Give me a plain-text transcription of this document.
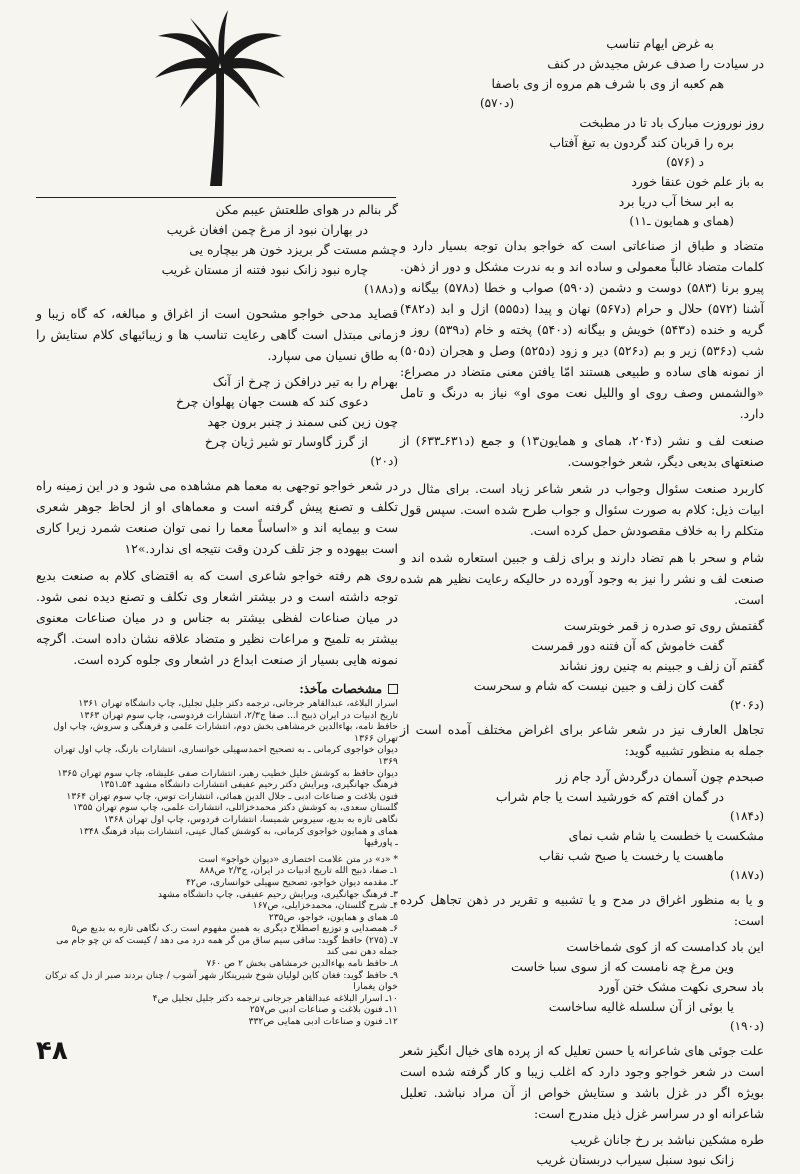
به غرض ایهام تناسب
در سیادت را صدف عرش مجیدش در کنف
هم کعبه از وی با شرف هم مروه از وی باصفا
(د۵۷۰)
روز نوروزت مبارک باد تا در مطبخت
بره را قربان کند گردون به تیغ آفتاب
د (۵۷۶)
به باز علم خون عنقا خورد
به ابر سخا آب دریا برد
(همای و همایون ـ۱۱)

متضاد و طباق از صناعاتی است که خواجو بدان توجه بسیار دارد و کلمات متضاد غالباً معمولی و ساده اند و به ندرت مشکل و دور از ذهن. پیرو برنا (۵۸۳) دوست و دشمن (د۵۹۰) صواب و خطا (د۵۷۸) بیگانه و آشنا (۵۷۲) حلال و حرام (د۵۶۷) نهان و پیدا (د۵۵۵) ازل و ابد (د۴۸۲) گریه و خنده (د۵۴۳) خویش و بیگانه (د۵۴۰) پخته و خام (د۵۳۹) روز و شب (د۵۳۶) زیر و بم (د۵۲۶) دیر و زود (د۵۲۵) وصل و هجران (د۵۰۵) از نمونه های ساده و طبیعی هستند امّا یافتن معنی متضاد در مصراع: «والشمس وصف روی او واللیل نعت موی او» نیاز به درنگ و تامل دارد.

صنعت لف و نشر (د۲۰۴، همای و همایون۱۳) و جمع (د۶۳۱ـ۶۳۳) از صنعتهای بدیعی دیگر، شعر خواجوست.

کاربرد صنعت سئوال وجواب در شعر شاعر زیاد است. برای مثال در ابیات ذیل: کلام به صورت سئوال و جواب طرح شده است. سپس قول متکلم را به خلاف مقصودش حمل کرده است.

شام و سحر با هم تضاد دارند و برای زلف و جبین استعاره شده اند و صنعت لف و نشر را نیز به وجود آورده در حالیکه رعایت نظیر هم شده است.

گفتمش روی تو صدره ز قمر خوبترست
گفت خاموش که آن فتنه دور قمرست
گفتم آن زلف و جبینم به چنین روز نشاند
گفت کان زلف و جبین نیست که شام و سحرست
(د۲۰۶)

تجاهل العارف نیز در شعر شاعر برای اغراض مختلف آمده است از جمله به منظور تشبیه گوید:

صبحدم چون آسمان درگردش آرد جام زر
در گمان افتم که خورشید است یا جام شراب
(د۱۸۴)
مشکست یا خطست یا شام شب نمای
ماهست یا رخست یا صبح شب نقاب
(د۱۸۷)

و یا به منظور اغراق در مدح و یا تشبیه و تقریر در ذهن تجاهل کرده است:

این باد کدامست که از کوی شماخاست
وین مرغ چه نامست که از سوی سبا خاست
باد سحری نکهت مشک ختن آورد
یا بوئی از آن سلسله غالیه ساخاست
(د۱۹۰)

علت جوئی های شاعرانه یا حسن تعلیل که از پرده های خیال انگیز شعر است در شعر خواجو وجود دارد که اغلب زیبا و کار گرفته شده است بویژه اگر در غزل باشد و ستایش خواص از آن مراد نباشد. تعلیل شاعرانه او در سراسر غزل ذیل مندرج است:

طره مشکین نباشد بر رخ جانان غریب
زانک نبود سنبل سیراب دربستان غریب
گر بنالم در هوای طلعتش عیبم مکن
در بهاران نبود از مرغ چمن افغان غریب
چشم مستت گر بریزد خون هر بیچاره یی
چاره نبود زانک نبود فتنه از مستان غریب
(د۱۸۸)

قصاید مدحی خواجو مشحون است از اغراق و مبالغه، که گاه زیبا و زمانی مبتذل است گاهی رعایت تناسب ها و زیبائیهای کلام ستایش را به طاق نسیان می سپارد.

بهرام را به تیر درافکن ز چرخ از آنک
دعوی کند که هست جهان پهلوان چرخ
چون زین کنی سمند ز چنبر برون جهد
از گرز گاوسار تو شیر ژیان چرخ
(د۲۰)

در شعر خواجو توجهی به معما هم مشاهده می شود و در این زمینه راه تکلف و تصنع پیش گرفته است و معماهای او از لحاظ جوهر شعری ست و بیمایه اند و «اساساً معما را نمی توان صنعت شمرد زیرا کاری است بیهوده و جز تلف کردن وقت نتیجه ای ندارد.»۱۲

روی هم رفته خواجو شاعری است که به اقتضای کلام به صنعت بدیع توجه داشته است و در بیشتر اشعار وی تکلف و تصنع دیده نمی شود. در میان صناعات لفظی بیشتر به جناس و در میان صناعات معنوی بیشتر به تلمیح و مراعات نظیر و متضاد علاقه نشان داده است. اگرچه نمونه هایی بسیار از صنعت ابداع در اشعار وی جلوه کرده است.

مشخصات مآخذ:
اسرار البلاغه، عبدالقاهر جرجانی، ترجمه دکتر جلیل تجلیل، چاپ دانشگاه تهران ۱۳۶۱
تاریخ ادبیات در ایران ذبیح ا... صفا ج۲/۳، انتشارات فردوسی، چاپ سوم تهران ۱۳۶۳
حافظ نامه، بهاءالدین خرمشاهی بخش دوم، انتشارات علمی و فرهنگی و سروش، چاپ اول تهران ۱۳۶۶
دیوان خواجوی کرمانی ـ به تصحیح احمدسهیلی خوانساری، انتشارات بارنگ، چاپ اول تهران ۱۳۶۹
دیوان حافظ به کوشش خلیل خطیب رهبر، انتشارات صفی علیشاه، چاپ سوم تهران ۱۳۶۵
فرهنگ جهانگیری، ویرایش دکتر رحیم عفیفی انتشارات دانشگاه مشهد ۵۴ـ۱۳۵۱
فنون بلاغت و صناعات ادبی ـ جلال الدین همائی، انتشارات توس، چاپ سوم تهران ۱۳۶۴
گلستان سعدی، به کوشش دکتر محمدخزائلی، انتشارات علمی، چاپ سوم تهران ۱۳۵۵
نگاهی تازه به بدیع، سیروس شمیسا، انتشارات فردوس، چاپ اول تهران ۱۳۶۸
همای و همایون خواجوی کرمانی، به کوشش کمال عینی، انتشارات بنیاد فرهنگ ۱۳۴۸
ـ پاورقیها
* «د» در متن علامت اختصاری «دیوان خواجو» است
۱ـ صفا، ذبیح الله تاریخ ادبیات در ایران، ج۲/۳ ص۸۸۸
۲ـ مقدمه دیوان خواجو، تصحیح سهیلی خوانساری، ص۴۲
۳ـ فرهنگ جهانگیری، ویرایش رحیم عفیفی، چاپ دانشگاه مشهد
۴ـ شرح گلستان، محمدخزایلی، ص۱۶۷
۵ـ همای و همایون، خواجو، ص۲۳۵
۶ـ همصدایی و توزیع اصطلاح دیگری به همین مفهوم است ر.ک نگاهی تازه به بدیع ص۵
۷ـ (۲۷۵) حافظ گوید: ساقی سیم ساق من گر همه درد می دهد / کیست که تن چو جام می جمله دهن نمی کند
۸ـ حافظ نامه بهاءالدین خرمشاهی بخش ۲ ص ۷۶۰
۹ـ حافظ گوید: فغان کاین لولیان شوخ شیرینکار شهر آشوب / چنان بردند صبر از دل که ترکان خوان یغمارا
۱۰ـ اسرار البلاغه عبدالقاهر جرجانی ترجمه دکتر جلیل تجلیل ص۴
۱۱ـ فنون بلاغت و صناعات ادبی ص۲۵۷
۱۲ـ فنون و صناعات ادبی همایی ص۳۳۲
۴۸
